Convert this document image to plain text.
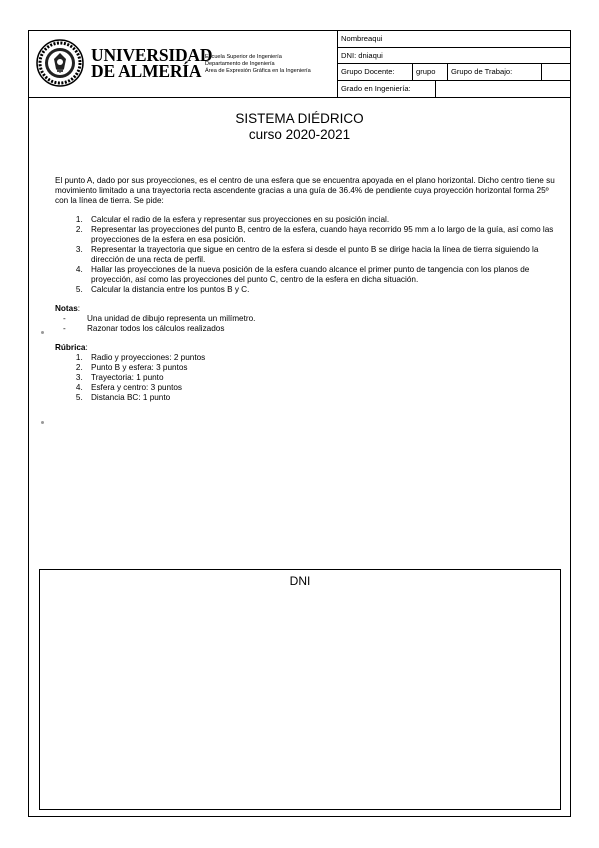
UNIVERSIDAD
DE ALMERÍA
Escuela Superior de Ingeniería
Departamento de Ingeniería
Área de Expresión Gráfica en la Ingeniería
Nombreaqui
DNI: dniaqui
Grupo Docente:	grupo	Grupo de Trabajo:
Grado en Ingeniería:
SISTEMA DIÉDRICO
curso 2020-2021

El punto A, dado por sus proyecciones, es el centro de una esfera que se encuentra apoyada en el plano horizontal. Dicho centro tiene su movimiento limitado a una trayectoria recta ascendente gracias a una guía de 36.4% de pendiente cuya proyección horizontal forma 25º con la línea de tierra. Se pide:

1. Calcular el radio de la esfera y representar sus proyecciones en su posición incial.
2. Representar las proyecciones del punto B, centro de la esfera, cuando haya recorrido 95 mm a lo largo de la guía, así como las proyecciones de la esfera en esa posición.
3. Representar la trayectoria que sigue en centro de la esfera si desde el punto B se dirige hacia la línea de tierra siguiendo la dirección de una recta de perfil.
4. Hallar las proyecciones de la nueva posición de la esfera cuando alcance el primer punto de tangencia con los planos de proyección, así como las proyecciones del punto C, centro de la esfera en dicha situación.
5. Calcular la distancia entre los puntos B y C.
Notas:
- Una unidad de dibujo representa un milímetro.
- Razonar todos los cálculos realizados
Rúbrica:
1. Radio y proyecciones: 2 puntos
2. Punto B y esfera: 3 puntos
3. Trayectoria: 1 punto
4. Esfera y centro: 3 puntos
5. Distancia BC: 1 punto
DNI
